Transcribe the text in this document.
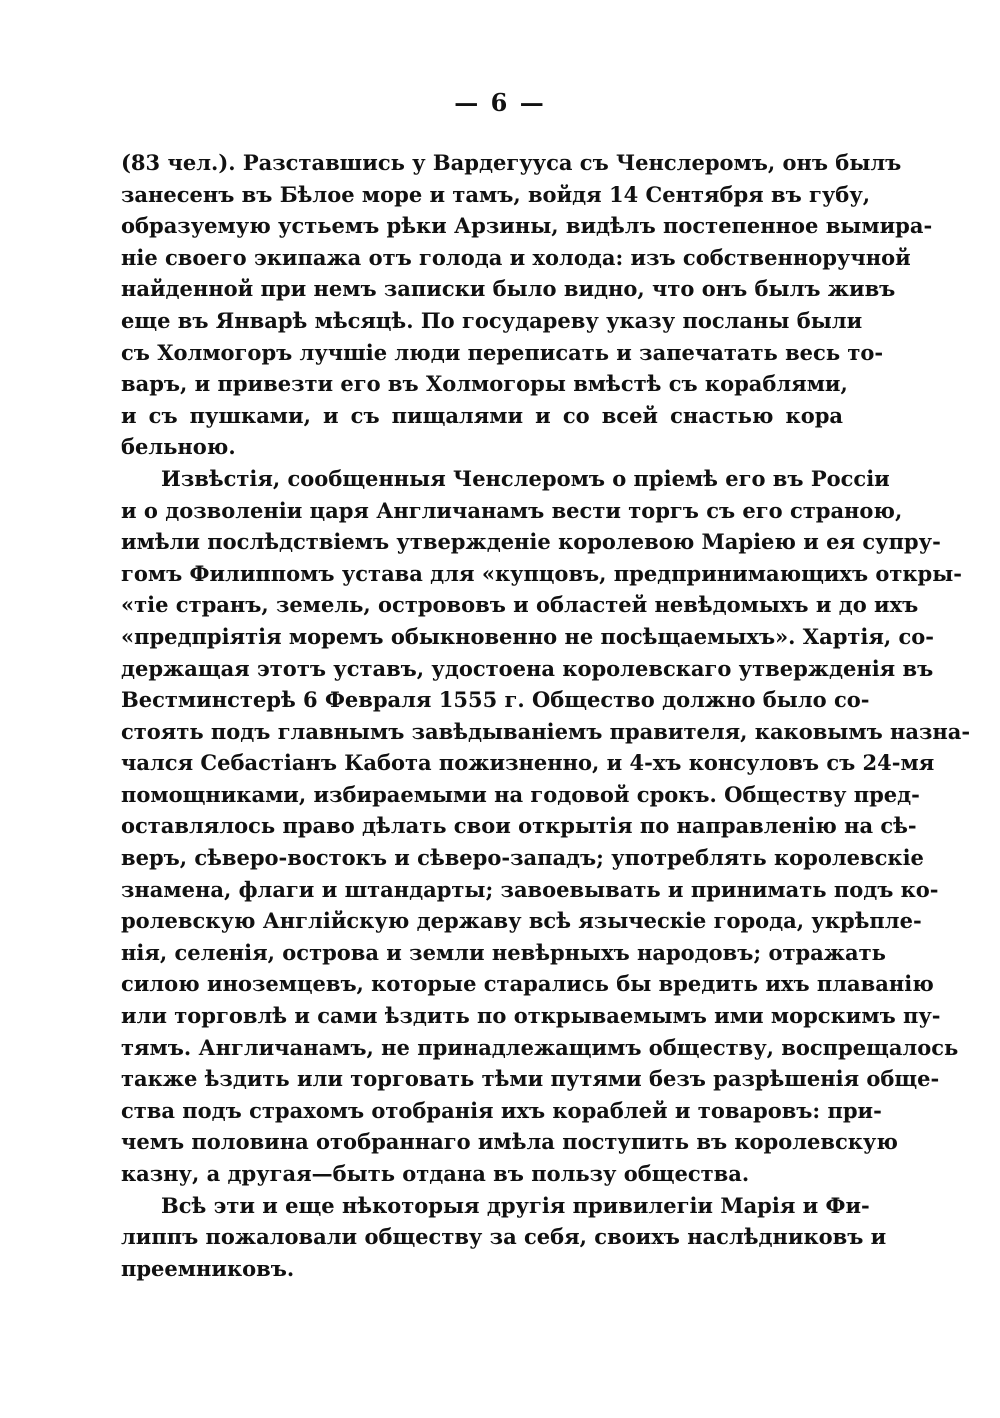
— 6 —
(83 чел.). Разставшись у Вардегууса съ Ченслеромъ, онъ былъ
занесенъ въ Бѣлое море и тамъ, войдя 14 Сентября въ губу,
образуемую устьемъ рѣки Арзины, видѣлъ постепенное вымира-
ніе своего экипажа отъ голода и холода: изъ собственноручной
найденной при немъ записки было видно, что онъ былъ живъ
еще въ Январѣ мѣсяцѣ. По государеву указу посланы были
съ Холмогоръ лучшіе люди переписать и запечатать весь то-
варъ, и привезти его въ Холмогоры вмѣстѣ съ кораблями,
и съ пушками, и съ пищалями и со всей снастью кора
бельною.
Извѣстія, сообщенныя Ченслеромъ о пріемѣ его въ Россіи
и о дозволеніи царя Англичанамъ вести торгъ съ его страною,
имѣли послѣдствіемъ утвержденіе королевою Маріею и ея супру-
гомъ Филиппомъ устава для «купцовъ, предпринимающихъ откры-
«тіе странъ, земель, острововъ и областей невѣдомыхъ и до ихъ
«предпріятія моремъ обыкновенно не посѣщаемыхъ». Хартія, со-
держащая этотъ уставъ, удостоена королевскаго утвержденія въ
Вестминстерѣ 6 Февраля 1555 г. Общество должно было со-
стоять подъ главнымъ завѣдываніемъ правителя, каковымъ назна-
чался Себастіанъ Кабота пожизненно, и 4-хъ консуловъ съ 24-мя
помощниками, избираемыми на годовой срокъ. Обществу пред-
оставлялось право дѣлать свои открытія по направленію на сѣ-
веръ, сѣверо-востокъ и сѣверо-западъ; употреблять королевскіе
знамена, флаги и штандарты; завоевывать и принимать подъ ко-
ролевскую Англійскую державу всѣ языческіе города, укрѣпле-
нія, селенія, острова и земли невѣрныхъ народовъ; отражать
силою иноземцевъ, которые старались бы вредить ихъ плаванію
или торговлѣ и сами ѣздить по открываемымъ ими морскимъ пу-
тямъ. Англичанамъ, не принадлежащимъ обществу, воспрещалось
также ѣздить или торговать тѣми путями безъ разрѣшенія обще-
ства подъ страхомъ отобранія ихъ кораблей и товаровъ: при-
чемъ половина отобраннаго имѣла поступить въ королевскую
казну, а другая—быть отдана въ пользу общества.
Всѣ эти и еще нѣкоторыя другія привилегіи Марія и Фи-
липпъ пожаловали обществу за себя, своихъ наслѣдниковъ и
преемниковъ.
